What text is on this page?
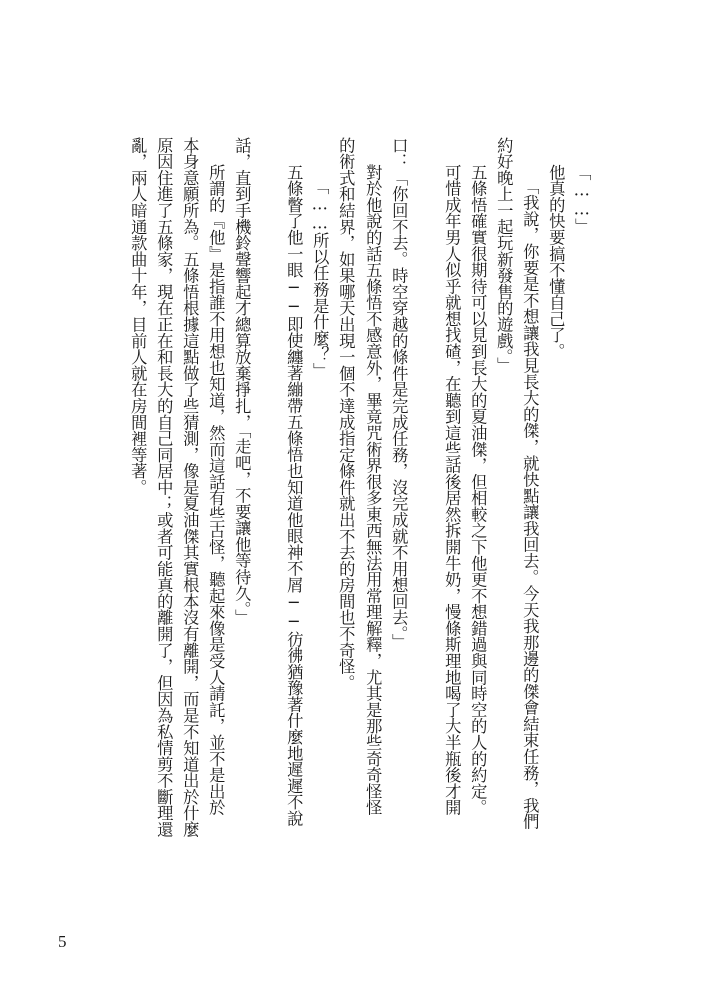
「……」
他真的快要搞不懂自己了。
「我說，你要是不想讓我見長大的傑，就快點讓我回去。今天我那邊的傑會結束任務，我們
約好晚上一起玩新發售的遊戲。」
五條悟確實很期待可以見到長大的夏油傑，但相較之下他更不想錯過與同時空的人的約定。
可惜成年男人似乎就想找碴，在聽到這些話後居然拆開牛奶，慢條斯理地喝了大半瓶後才開
口：「你回不去。時空穿越的條件是完成任務，沒完成就不用想回去。」
對於他說的話五條悟不感意外，畢竟咒術界很多東西無法用常理解釋，尤其是那些奇奇怪怪
的術式和結界，如果哪天出現一個不達成指定條件就出不去的房間也不奇怪。
「……所以任務是什麼？」
五條瞥了他一眼──即使纏著繃帶五條悟也知道他眼神不屑──彷彿猶豫著什麼地遲遲不說
話，直到手機鈴聲響起才總算放棄掙扎，「走吧，不要讓他等待久。」
所謂的『他』是指誰不用想也知道，然而這話有些古怪，聽起來像是受人請託，並不是出於
本身意願所為。五條悟根據這點做了些猜測，像是夏油傑其實根本沒有離開，而是不知道出於什麼
原因住進了五條家，現在正在和長大的自己同居中；或者可能真的離開了，但因為私情剪不斷理還
亂，兩人暗通款曲十年，目前人就在房間裡等著。
5
